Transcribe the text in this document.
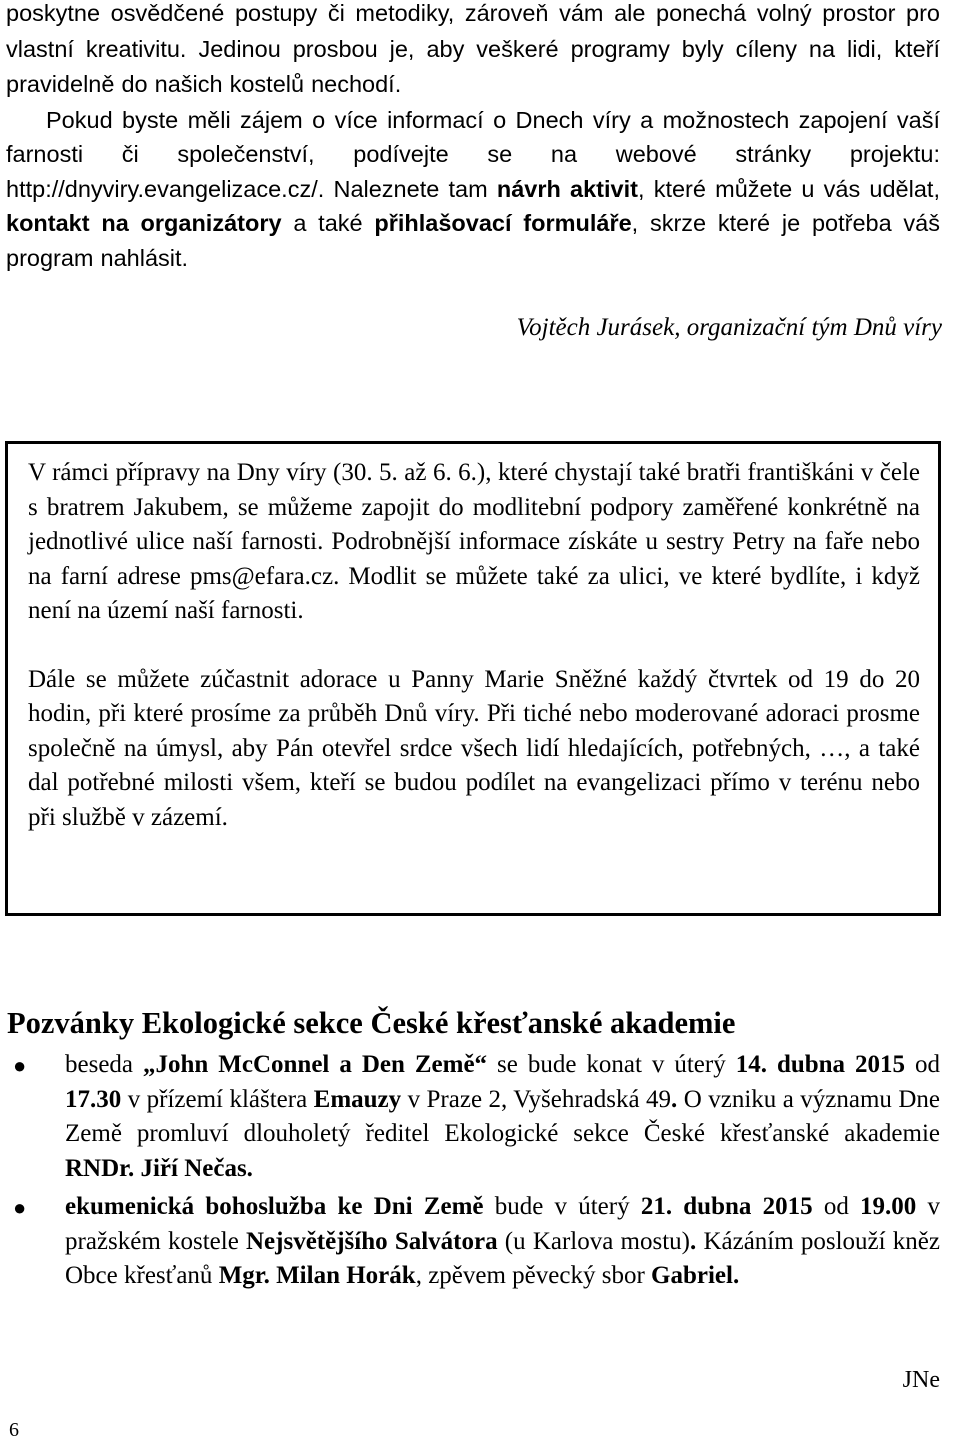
poskytne osvědčené postupy či metodiky, zároveň vám ale ponechá volný prostor pro vlastní kreativitu. Jedinou prosbou je, aby veškeré programy byly cíleny na lidi, kteří pravidelně do našich kostelů nechodí.
Pokud byste měli zájem o více informací o Dnech víry a možnostech zapojení vaší farnosti či společenství, podívejte se na webové stránky projektu: http://dnyviry.evangelizace.cz/. Naleznete tam návrh aktivit, které můžete u vás udělat, kontakt na organizátory a také přihlašovací formuláře, skrze které je potřeba váš program nahlásit.

Vojtěch Jurásek, organizační tým Dnů víry

V rámci přípravy na Dny víry (30. 5. až 6. 6.), které chystají také bratři františkáni v čele s bratrem Jakubem, se můžeme zapojit do modlitební podpory zaměřené konkrétně na jednotlivé ulice naší farnosti. Podrobnější informace získáte u sestry Petry na faře nebo na farní adrese pms@efara.cz. Modlit se můžete také za ulici, ve které bydlíte, i když není na území naší farnosti.

Dále se můžete zúčastnit adorace u Panny Marie Sněžné každý čtvrtek od 19 do 20 hodin, při které prosíme za průběh Dnů víry. Při tiché nebo moderované adoraci prosme společně na úmysl, aby Pán otevřel srdce všech lidí hledajících, potřebných, …, a také dal potřebné milosti všem, kteří se budou podílet na evangelizaci přímo v terénu nebo při službě v zázemí.

Pozvánky Ekologické sekce České křesťanské akademie
● beseda „John McConnel a Den Země“ se bude konat v úterý 14. dubna 2015 od 17.30 v přízemí kláštera Emauzy v Praze 2, Vyšehradská 49. O vzniku a významu Dne Země promluví dlouholetý ředitel Ekologické sekce České křesťanské akademie RNDr. Jiří Nečas.
● ekumenická bohoslužba ke Dni Země bude v úterý 21. dubna 2015 od 19.00 v pražském kostele Nejsvětějšího Salvátora (u Karlova mostu). Kázáním poslouží kněz Obce křesťanů Mgr. Milan Horák, zpěvem pěvecký sbor Gabriel.

JNe

6
